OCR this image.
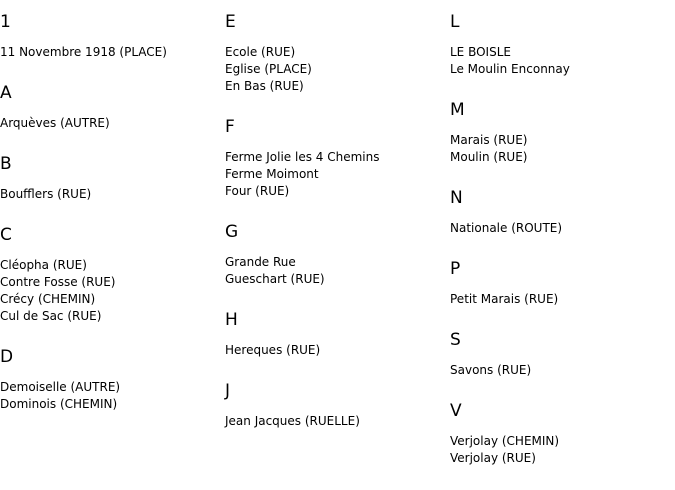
1
11 Novembre 1918 (PLACE)
A
Arquèves (AUTRE)
B
Boufflers (RUE)
C
Cléopha (RUE)
Contre Fosse (RUE)
Crécy (CHEMIN)
Cul de Sac (RUE)
D
Demoiselle (AUTRE)
Dominois (CHEMIN)
E
Ecole (RUE)
Eglise (PLACE)
En Bas (RUE)
F
Ferme Jolie les 4 Chemins
Ferme Moimont
Four (RUE)
G
Grande Rue
Gueschart (RUE)
H
Hereques (RUE)
J
Jean Jacques (RUELLE)
L
LE BOISLE
Le Moulin Enconnay
M
Marais (RUE)
Moulin (RUE)
N
Nationale (ROUTE)
P
Petit Marais (RUE)
S
Savons (RUE)
V
Verjolay (CHEMIN)
Verjolay (RUE)
